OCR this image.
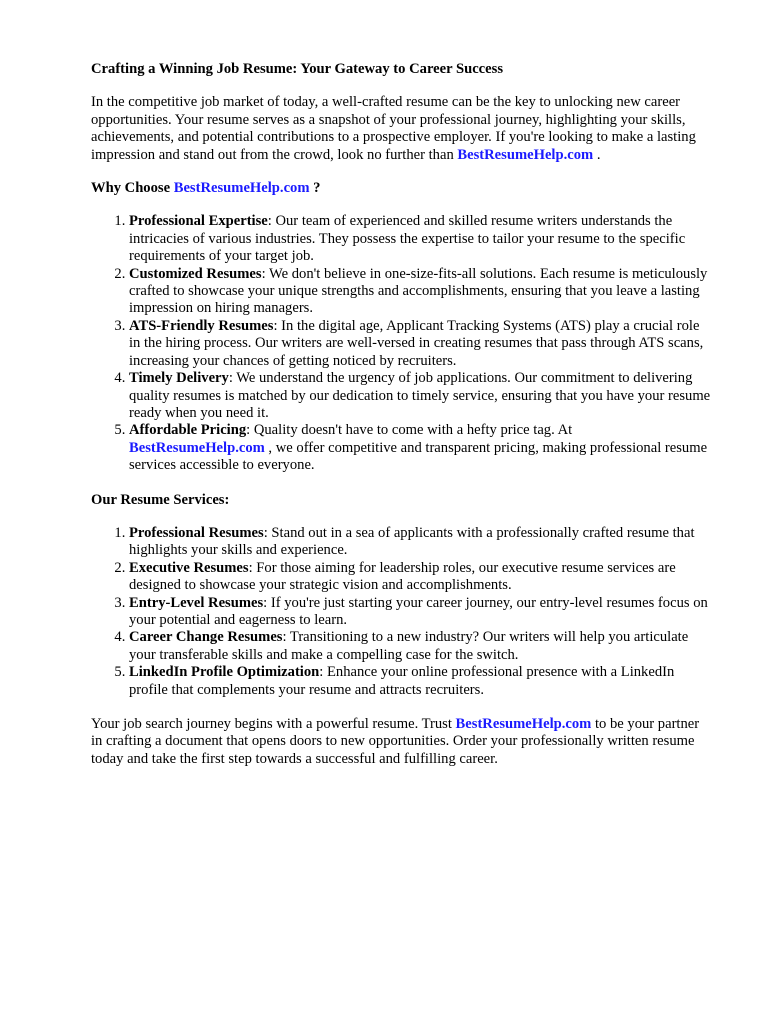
Crafting a Winning Job Resume: Your Gateway to Career Success

In the competitive job market of today, a well-crafted resume can be the key to unlocking new career opportunities. Your resume serves as a snapshot of your professional journey, highlighting your skills, achievements, and potential contributions to a prospective employer. If you're looking to make a lasting impression and stand out from the crowd, look no further than BestResumeHelp.com .

Why Choose BestResumeHelp.com ?

1. Professional Expertise: Our team of experienced and skilled resume writers understands the intricacies of various industries. They possess the expertise to tailor your resume to the specific requirements of your target job.
2. Customized Resumes: We don't believe in one-size-fits-all solutions. Each resume is meticulously crafted to showcase your unique strengths and accomplishments, ensuring that you leave a lasting impression on hiring managers.
3. ATS-Friendly Resumes: In the digital age, Applicant Tracking Systems (ATS) play a crucial role in the hiring process. Our writers are well-versed in creating resumes that pass through ATS scans, increasing your chances of getting noticed by recruiters.
4. Timely Delivery: We understand the urgency of job applications. Our commitment to delivering quality resumes is matched by our dedication to timely service, ensuring that you have your resume ready when you need it.
5. Affordable Pricing: Quality doesn't have to come with a hefty price tag. At BestResumeHelp.com , we offer competitive and transparent pricing, making professional resume services accessible to everyone.

Our Resume Services:

1. Professional Resumes: Stand out in a sea of applicants with a professionally crafted resume that highlights your skills and experience.
2. Executive Resumes: For those aiming for leadership roles, our executive resume services are designed to showcase your strategic vision and accomplishments.
3. Entry-Level Resumes: If you're just starting your career journey, our entry-level resumes focus on your potential and eagerness to learn.
4. Career Change Resumes: Transitioning to a new industry? Our writers will help you articulate your transferable skills and make a compelling case for the switch.
5. LinkedIn Profile Optimization: Enhance your online professional presence with a LinkedIn profile that complements your resume and attracts recruiters.

Your job search journey begins with a powerful resume. Trust BestResumeHelp.com to be your partner in crafting a document that opens doors to new opportunities. Order your professionally written resume today and take the first step towards a successful and fulfilling career.
